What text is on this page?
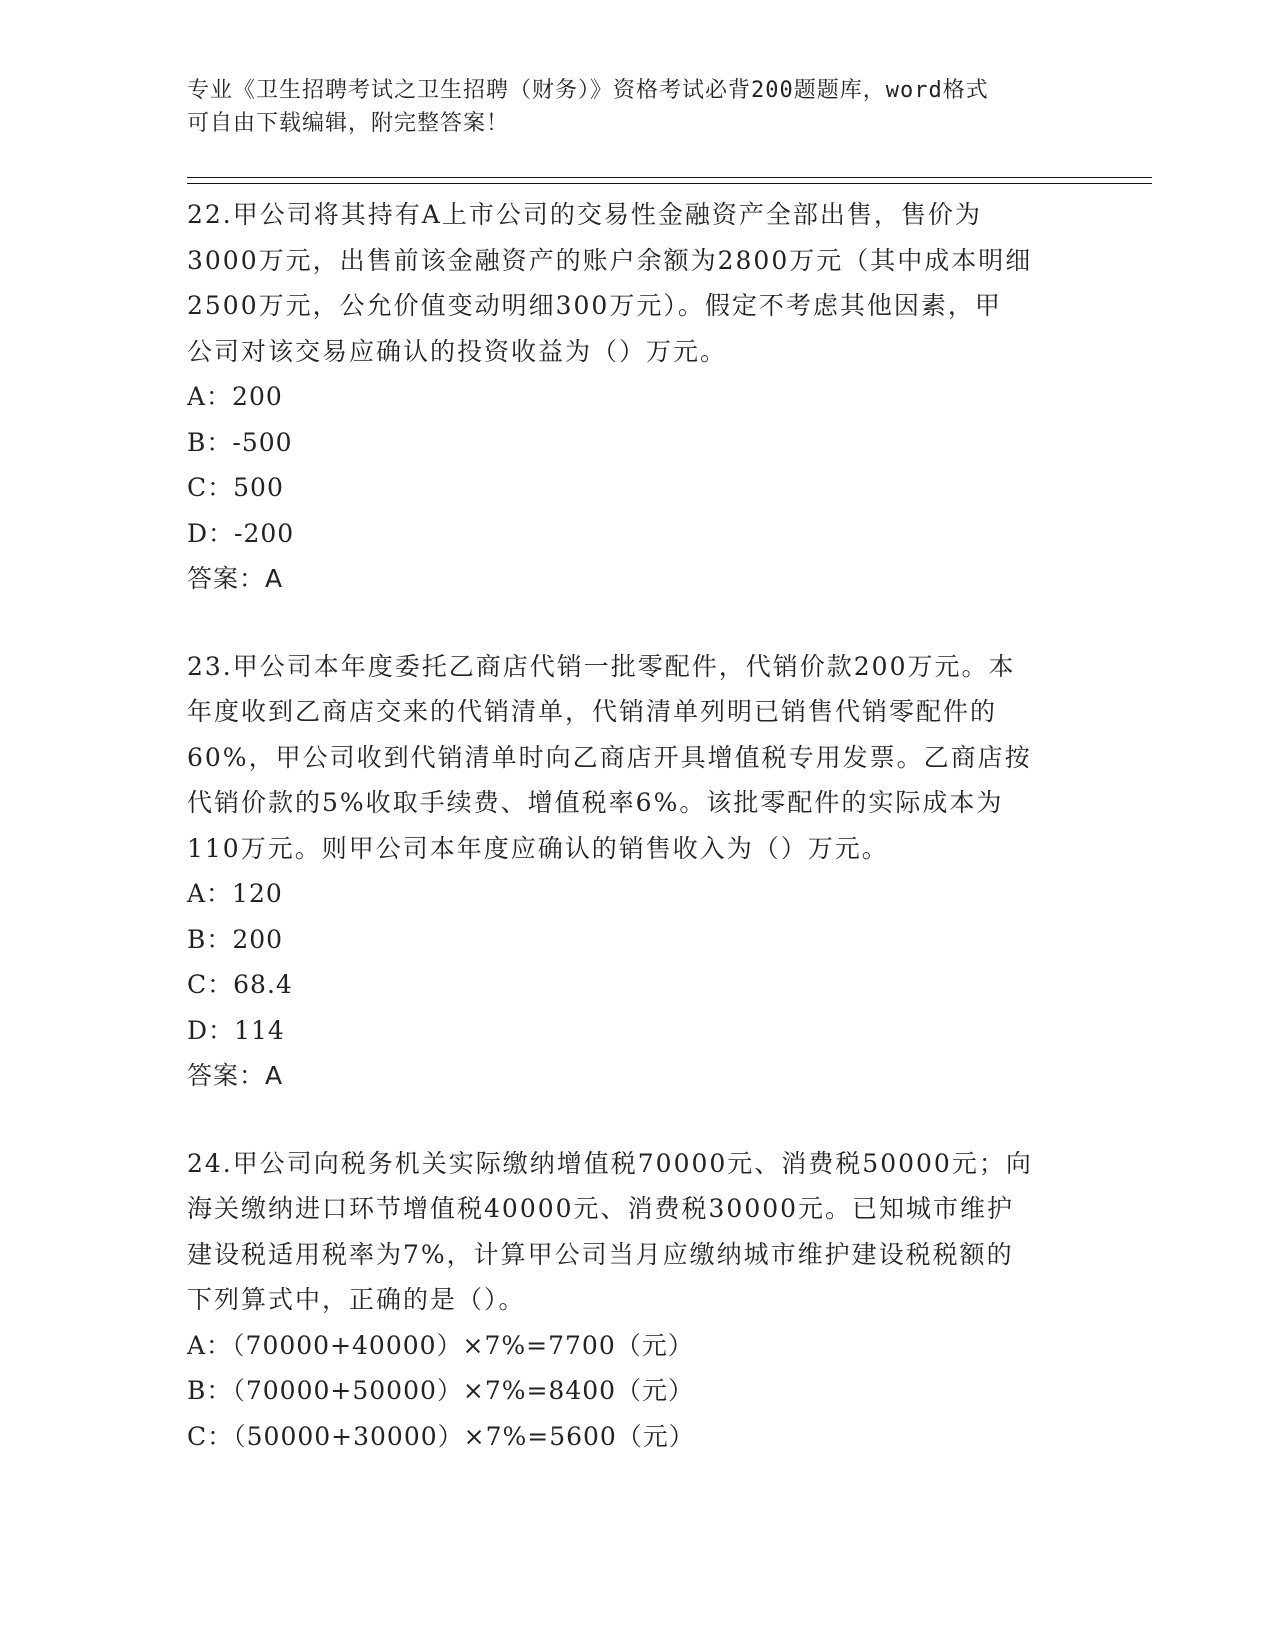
专业《卫生招聘考试之卫生招聘（财务）》资格考试必背200题题库，word格式
可自由下载编辑，附完整答案！
22.甲公司将其持有A上市公司的交易性金融资产全部出售，售价为
3000万元，出售前该金融资产的账户余额为2800万元（其中成本明细
2500万元，公允价值变动明细300万元）。假定不考虑其他因素，甲
公司对该交易应确认的投资收益为（）万元。
A：200
B：-500
C：500
D：-200
答案：A
23.甲公司本年度委托乙商店代销一批零配件，代销价款200万元。本
年度收到乙商店交来的代销清单，代销清单列明已销售代销零配件的
60%，甲公司收到代销清单时向乙商店开具增值税专用发票。乙商店按
代销价款的5%收取手续费、增值税率6%。该批零配件的实际成本为
110万元。则甲公司本年度应确认的销售收入为（）万元。
A：120
B：200
C：68.4
D：114
答案：A
24.甲公司向税务机关实际缴纳增值税70000元、消费税50000元；向
海关缴纳进口环节增值税40000元、消费税30000元。已知城市维护
建设税适用税率为7%，计算甲公司当月应缴纳城市维护建设税税额的
下列算式中，正确的是（）。
A：（70000+40000）×7%=7700（元）
B：（70000+50000）×7%=8400（元）
C：（50000+30000）×7%=5600（元）
